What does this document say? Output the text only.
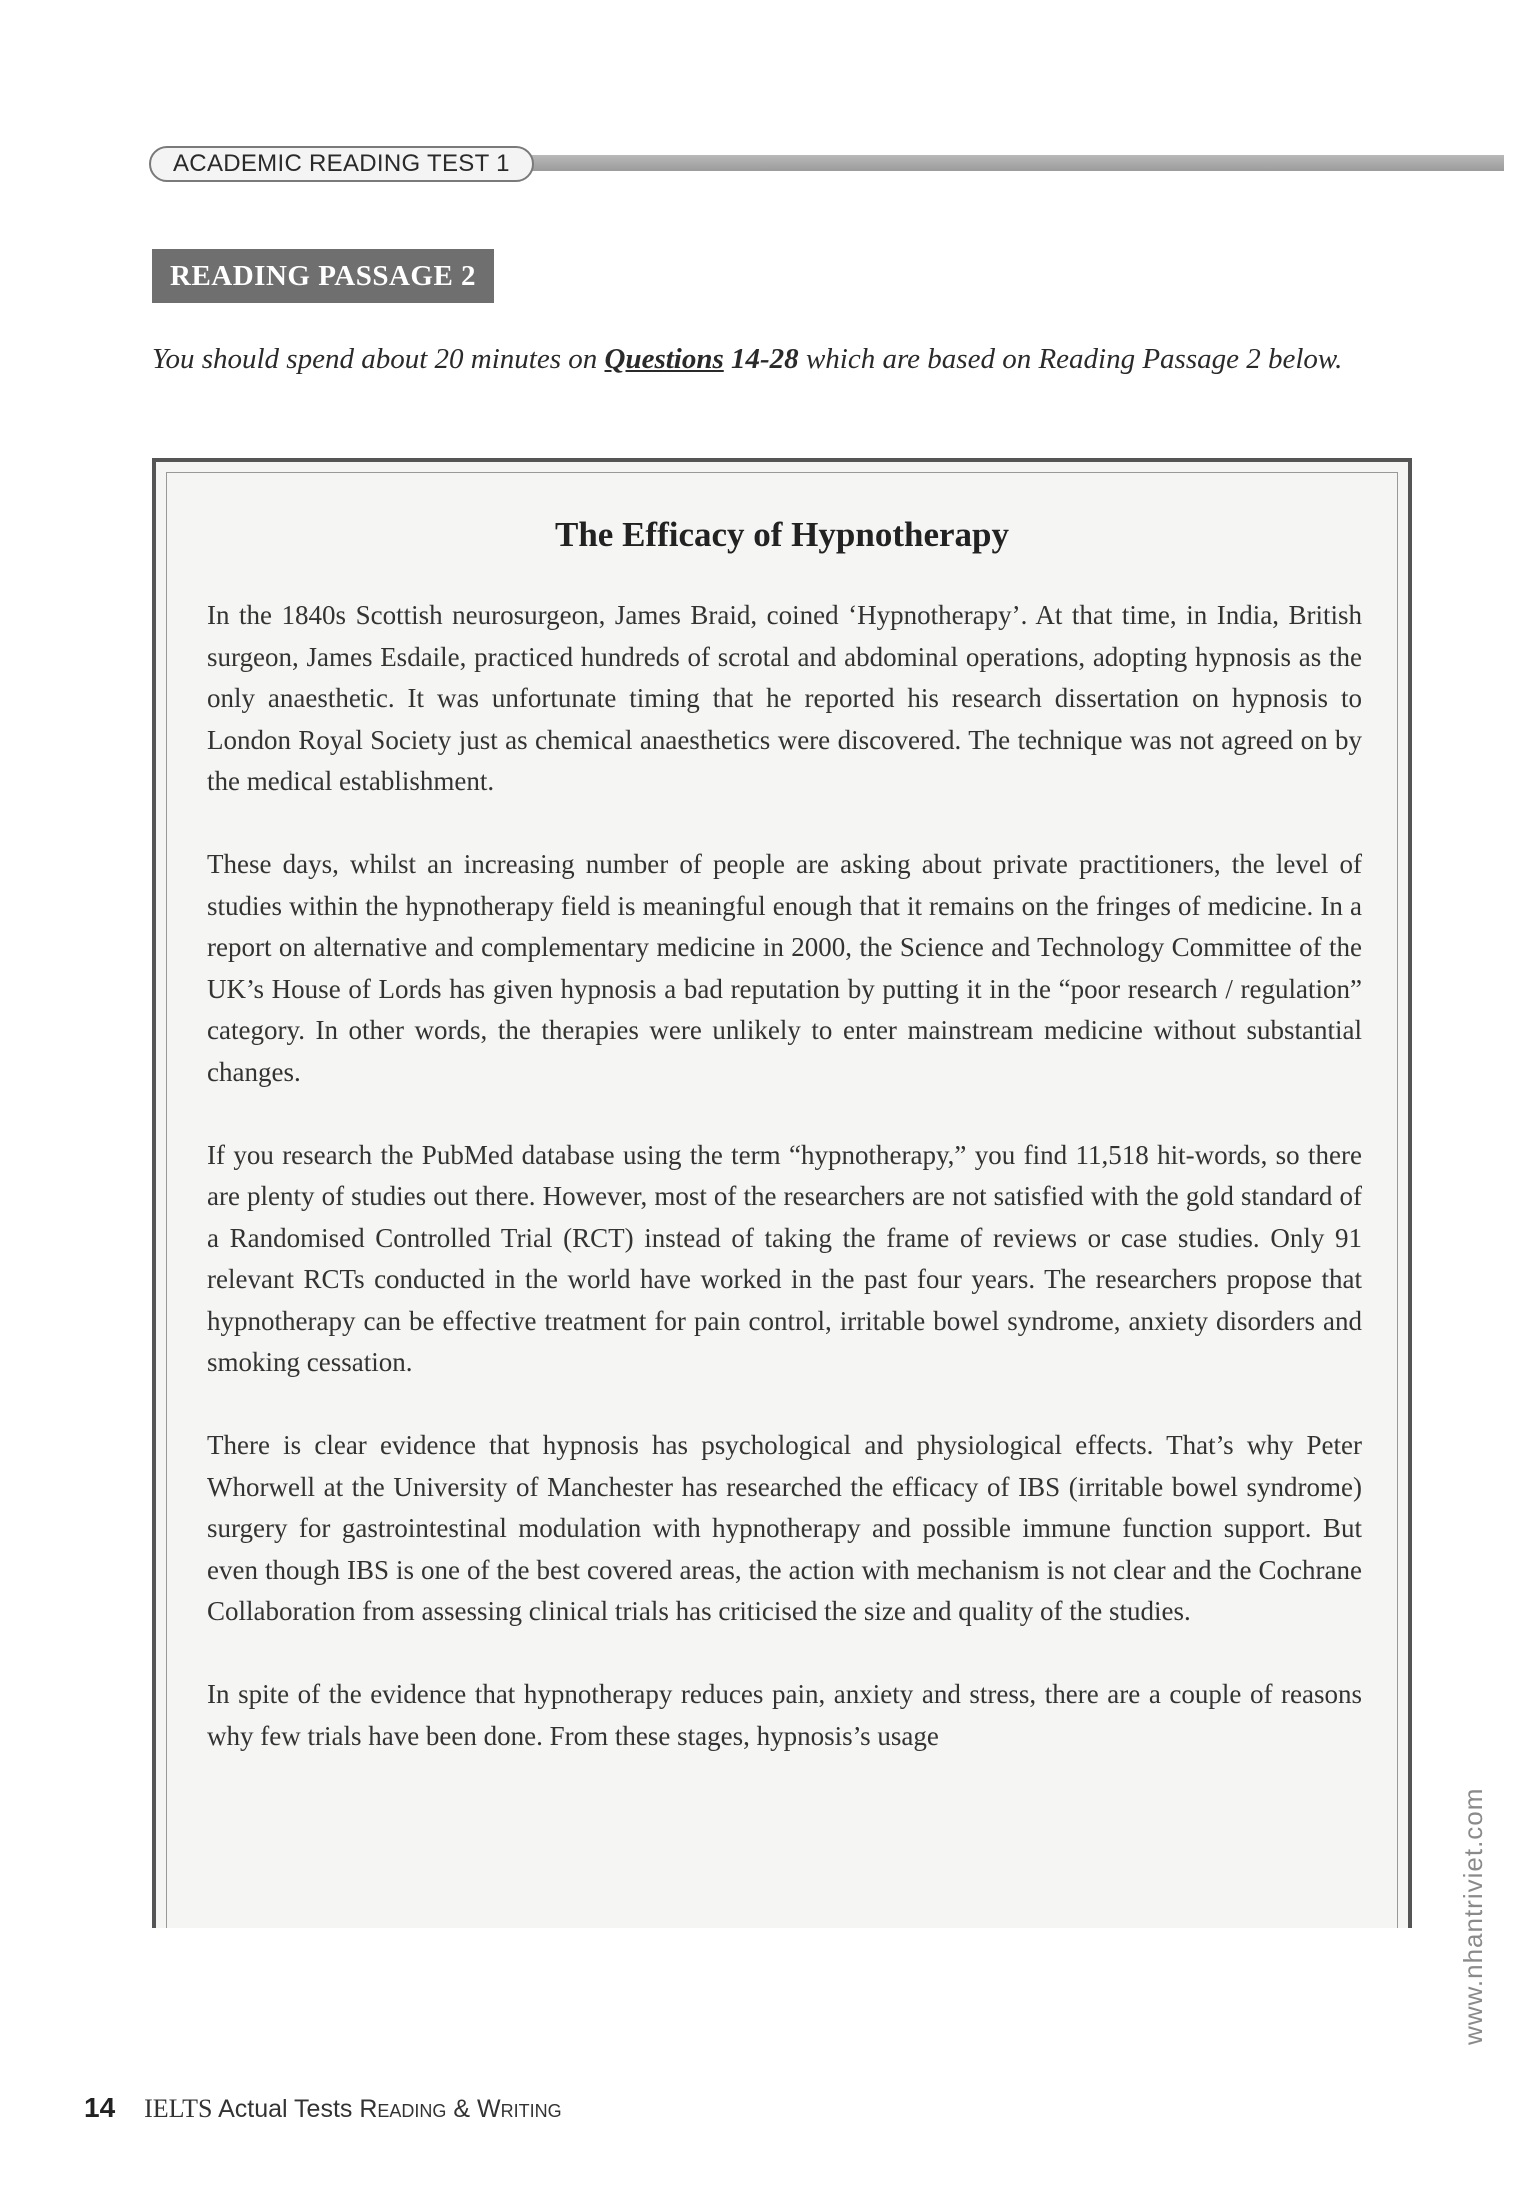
ACADEMIC READING TEST 1
READING PASSAGE 2
You should spend about 20 minutes on Questions 14-28 which are based on Reading Passage 2 below.
The Efficacy of Hypnotherapy

In the 1840s Scottish neurosurgeon, James Braid, coined ‘Hypnotherapy’. At that time, in India, British surgeon, James Esdaile, practiced hundreds of scrotal and abdominal operations, adopting hypnosis as the only anaesthetic. It was unfortunate timing that he reported his research dissertation on hypnosis to London Royal Society just as chemical anaesthetics were discovered. The technique was not agreed on by the medical establishment.

These days, whilst an increasing number of people are asking about private practitioners, the level of studies within the hypnotherapy field is meaningful enough that it remains on the fringes of medicine. In a report on alternative and complementary medicine in 2000, the Science and Technology Committee of the UK’s House of Lords has given hypnosis a bad reputation by putting it in the “poor research / regulation” category. In other words, the therapies were unlikely to enter mainstream medicine without substantial changes.

If you research the PubMed database using the term “hypnotherapy,” you find 11,518 hit-words, so there are plenty of studies out there. However, most of the researchers are not satisfied with the gold standard of a Randomised Controlled Trial (RCT) instead of taking the frame of reviews or case studies. Only 91 relevant RCTs conducted in the world have worked in the past four years. The researchers propose that hypnotherapy can be effective treatment for pain control, irritable bowel syndrome, anxiety disorders and smoking cessation.

There is clear evidence that hypnosis has psychological and physiological effects. That’s why Peter Whorwell at the University of Manchester has researched the efficacy of IBS (irritable bowel syndrome) surgery for gastrointestinal modulation with hypnotherapy and possible immune function support. But even though IBS is one of the best covered areas, the action with mechanism is not clear and the Cochrane Collaboration from assessing clinical trials has criticised the size and quality of the studies.

In spite of the evidence that hypnotherapy reduces pain, anxiety and stress, there are a couple of reasons why few trials have been done. From these stages, hypnosis’s usage

14 IELTS Actual Tests Reading & Writing
www.nhantriviet.com
